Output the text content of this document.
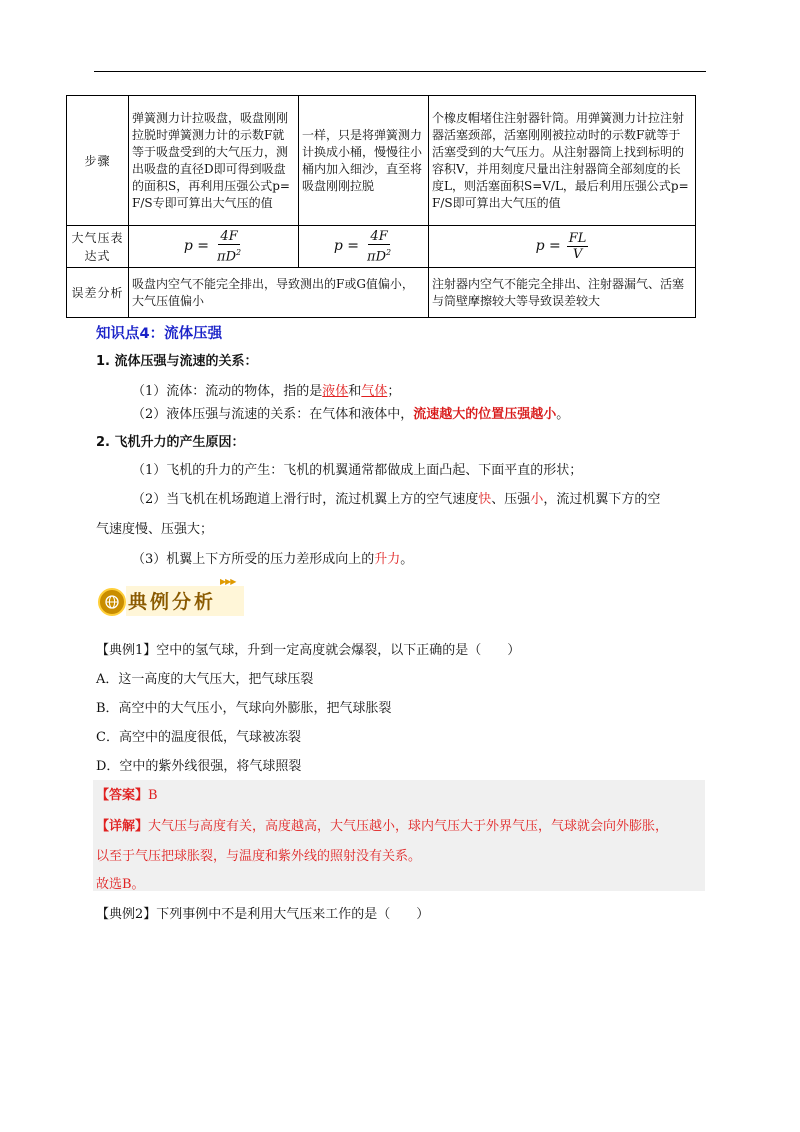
步骤	弹簧测力计拉吸盘，吸盘刚刚拉脱时弹簧测力计的示数F就等于吸盘受到的大气压力，测出吸盘的直径D即可得到吸盘的面积S，再利用压强公式p=F/S专即可算出大气压的值	一样，只是将弹簧测力计换成小桶，慢慢往小桶内加入细沙，直至将吸盘刚刚拉脱	个橡皮帽堵住注射器针筒。用弹簧测力计拉注射器活塞颈部，活塞刚刚被拉动时的示数F就等于活塞受到的大气压力。从注射器筒上找到标明的容积V，并用刻度尺量出注射器筒全部刻度的长度L，则活塞面积S=V/L，最后利用压强公式p=F/S即可算出大气压的值
大气压表达式	$p = \frac{4F}{\pi D^2}$	$p = \frac{4F}{\pi D^2}$	$p = \frac{FL}{V}$

误差分析	吸盘内空气不能完全排出，导致测出的F或G值偏小，大气压值偏小		注射器内空气不能完全排出、注射器漏气、活塞与筒壁摩擦较大等导致误差较大
知识点4：流体压强
1. 流体压强与流速的关系：
（1）流体：流动的物体，指的是液体和气体；
（2）液体压强与流速的关系：在气体和液体中，流速越大的位置压强越小。
2. 飞机升力的产生原因：
（1）飞机的升力的产生：飞机的机翼通常都做成上面凸起、下面平直的形状；
（2）当飞机在机场跑道上滑行时，流过机翼上方的空气速度快、压强小，流过机翼下方的空
气速度慢、压强大；
（3）机翼上下方所受的压力差形成向上的升力。
典例分析
▶▶▶
【典例1】空中的氢气球，升到一定高度就会爆裂，以下正确的是（　　）
A．这一高度的大气压大，把气球压裂
B．高空中的大气压小，气球向外膨胀，把气球胀裂
C．高空中的温度很低，气球被冻裂
D．空中的紫外线很强，将气球照裂
【答案】B
【详解】大气压与高度有关，高度越高，大气压越小，球内气压大于外界气压，气球就会向外膨胀，
以至于气压把球胀裂，与温度和紫外线的照射没有关系。
故选B。
【典例2】下列事例中不是利用大气压来工作的是（　　）
